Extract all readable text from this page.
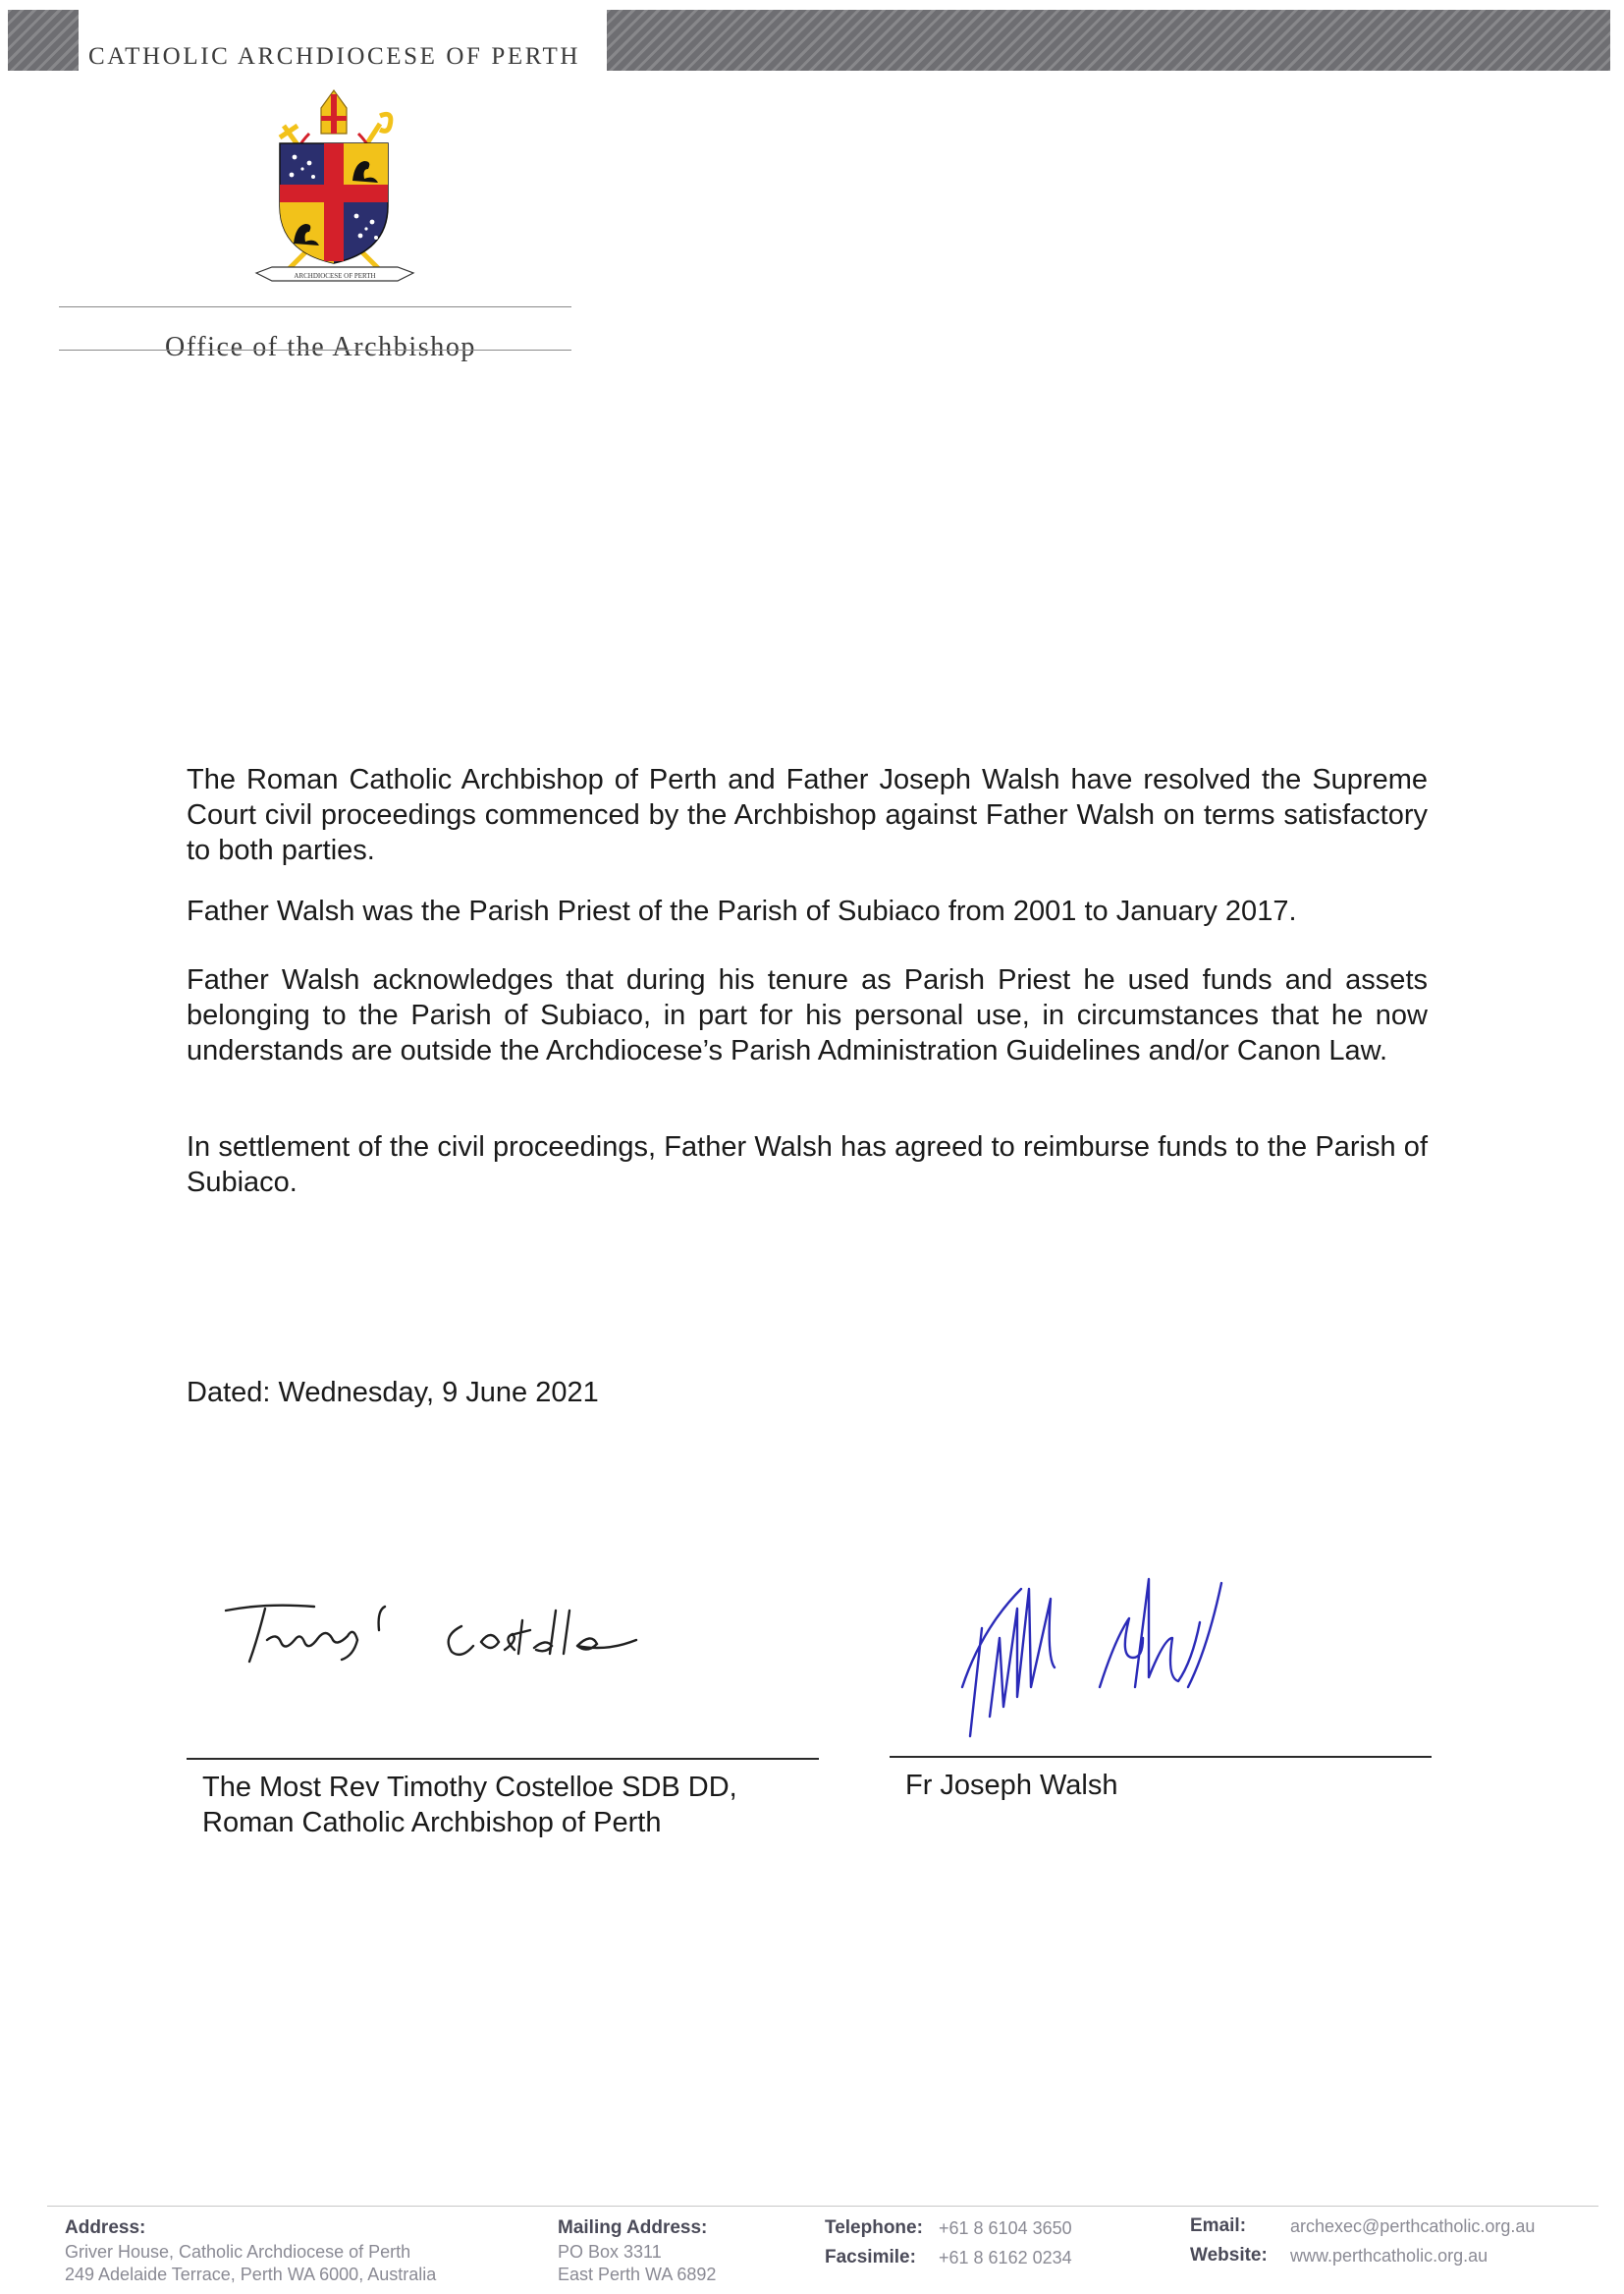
CATHOLIC ARCHDIOCESE OF PERTH
ARCHDIOCESE OF PERTH
Office of the Archbishop

The Roman Catholic Archbishop of Perth and Father Joseph Walsh have resolved the Supreme Court civil proceedings commenced by the Archbishop against Father Walsh on terms satisfactory to both parties.

Father Walsh was the Parish Priest of the Parish of Subiaco from 2001 to January 2017.

Father Walsh acknowledges that during his tenure as Parish Priest he used funds and assets belonging to the Parish of Subiaco, in part for his personal use, in circumstances that he now understands are outside the Archdiocese’s Parish Administration Guidelines and/or Canon Law.

In settlement of the civil proceedings, Father Walsh has agreed to reimburse funds to the Parish of Subiaco.

Dated: Wednesday, 9 June 2021

The Most Rev Timothy Costelloe SDB DD,
Roman Catholic Archbishop of Perth
Fr Joseph Walsh
Address:
Griver House, Catholic Archdiocese of Perth
249 Adelaide Terrace, Perth WA 6000, Australia
Mailing Address:
PO Box 3311
East Perth WA 6892
Telephone: +61 8 6104 3650
Facsimile: +61 8 6162 0234
Email: archexec@perthcatholic.org.au
Website: www.perthcatholic.org.au
